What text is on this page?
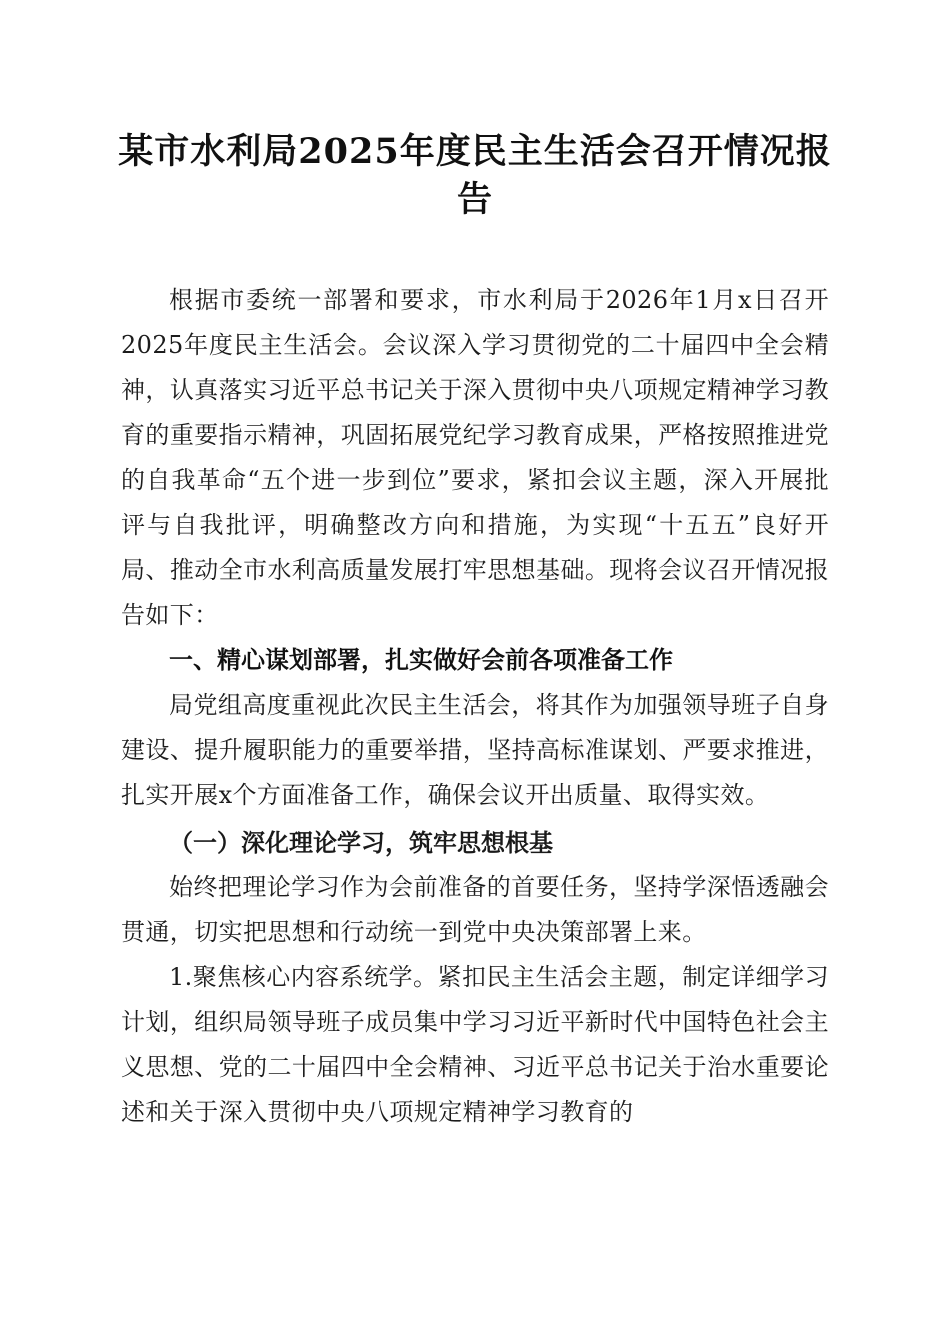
某市水利局2025年度民主生活会召开情况报告

根据市委统一部署和要求，市水利局于2026年1月x日召开2025年度民主生活会。会议深入学习贯彻党的二十届四中全会精神，认真落实习近平总书记关于深入贯彻中央八项规定精神学习教育的重要指示精神，巩固拓展党纪学习教育成果，严格按照推进党的自我革命“五个进一步到位”要求，紧扣会议主题，深入开展批评与自我批评，明确整改方向和措施，为实现“十五五”良好开局、推动全市水利高质量发展打牢思想基础。现将会议召开情况报告如下：

一、精心谋划部署，扎实做好会前各项准备工作

局党组高度重视此次民主生活会，将其作为加强领导班子自身建设、提升履职能力的重要举措，坚持高标准谋划、严要求推进，扎实开展x个方面准备工作，确保会议开出质量、取得实效。

（一）深化理论学习，筑牢思想根基

始终把理论学习作为会前准备的首要任务，坚持学深悟透融会贯通，切实把思想和行动统一到党中央决策部署上来。

1.聚焦核心内容系统学。紧扣民主生活会主题，制定详细学习计划，组织局领导班子成员集中学习习近平新时代中国特色社会主义思想、党的二十届四中全会精神、习近平总书记关于治水重要论述和关于深入贯彻中央八项规定精神学习教育的
